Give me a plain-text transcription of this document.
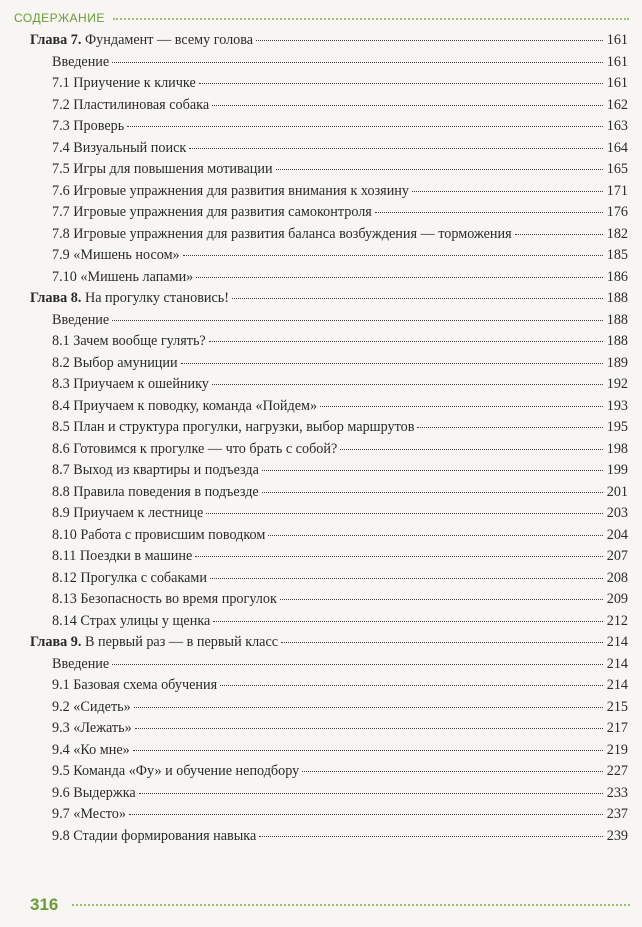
СОДЕРЖАНИЕ
Глава 7. Фундамент — всему голова	161
Введение	161
7.1 Приучение к кличке	161
7.2 Пластилиновая собака	162
7.3 Проверь	163
7.4 Визуальный поиск	164
7.5 Игры для повышения мотивации	165
7.6 Игровые упражнения для развития внимания к хозяину	171
7.7 Игровые упражнения для развития самоконтроля	176
7.8 Игровые упражнения для развития баланса возбуждения — торможения	182
7.9 «Мишень носом»	185
7.10 «Мишень лапами»	186
Глава 8. На прогулку становись!	188
Введение	188
8.1 Зачем вообще гулять?	188
8.2 Выбор амуниции	189
8.3 Приучаем к ошейнику	192
8.4 Приучаем к поводку, команда «Пойдем»	193
8.5 План и структура прогулки, нагрузки, выбор маршрутов	195
8.6 Готовимся к прогулке — что брать с собой?	198
8.7 Выход из квартиры и подъезда	199
8.8 Правила поведения в подъезде	201
8.9 Приучаем к лестнице	203
8.10 Работа с провисшим поводком	204
8.11 Поездки в машине	207
8.12 Прогулка с собаками	208
8.13 Безопасность во время прогулок	209
8.14 Страх улицы у щенка	212
Глава 9. В первый раз — в первый класс	214
Введение	214
9.1 Базовая схема обучения	214
9.2 «Сидеть»	215
9.3 «Лежать»	217
9.4 «Ко мне»	219
9.5 Команда «Фу» и обучение неподбору	227
9.6 Выдержка	233
9.7 «Место»	237
9.8 Стадии формирования навыка	239
316
